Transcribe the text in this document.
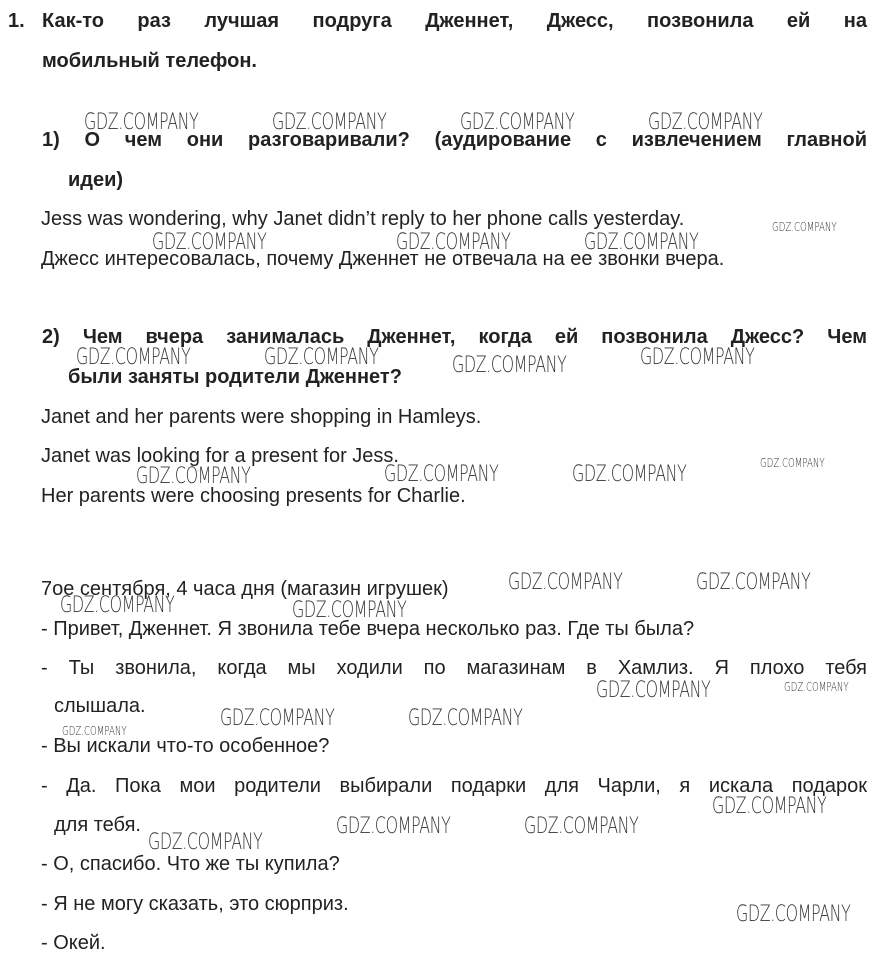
1. Как-то раз лучшая подруга Дженнет, Джесс, позвонила ей на
мобильный телефон.
1) О чем они разговаривали? (аудирование с извлечением главной
идеи)
Jess was wondering, why Janet didn’t reply to her phone calls yesterday.
Джесс интересовалась, почему Дженнет не отвечала на ее звонки вчера.
2) Чем вчера занималась Дженнет, когда ей позвонила Джесс? Чем
были заняты родители Дженнет?
Janet and her parents were shopping in Hamleys.
Janet was looking for a present for Jess.
Her parents were choosing presents for Charlie.
7ое сентября, 4 часа дня (магазин игрушек)
- Привет, Дженнет. Я звонила тебе вчера несколько раз. Где ты была?
- Ты звонила, когда мы ходили по магазинам в Хамлиз. Я плохо тебя
слышала.
- Вы искали что-то особенное?
- Да. Пока мои родители выбирали подарки для Чарли, я искала подарок
для тебя.
- О, спасибо. Что же ты купила?
- Я не могу сказать, это сюрприз.
- Окей.
GDZ.COMPANY	GDZ.COMPANY	GDZ.COMPANY	GDZ.COMPANY
GDZ.COMPANY
GDZ.COMPANY	GDZ.COMPANY	GDZ.COMPANY
GDZ.COMPANY	GDZ.COMPANY	GDZ.COMPANY
GDZ.COMPANY
GDZ.COMPANY
GDZ.COMPANY	GDZ.COMPANY	GDZ.COMPANY
GDZ.COMPANY	GDZ.COMPANY
GDZ.COMPANY	GDZ.COMPANY
GDZ.COMPANY
GDZ.COMPANY
GDZ.COMPANY	GDZ.COMPANY
GDZ.COMPANY
GDZ.COMPANY
GDZ.COMPANY	GDZ.COMPANY
GDZ.COMPANY
GDZ.COMPANY
